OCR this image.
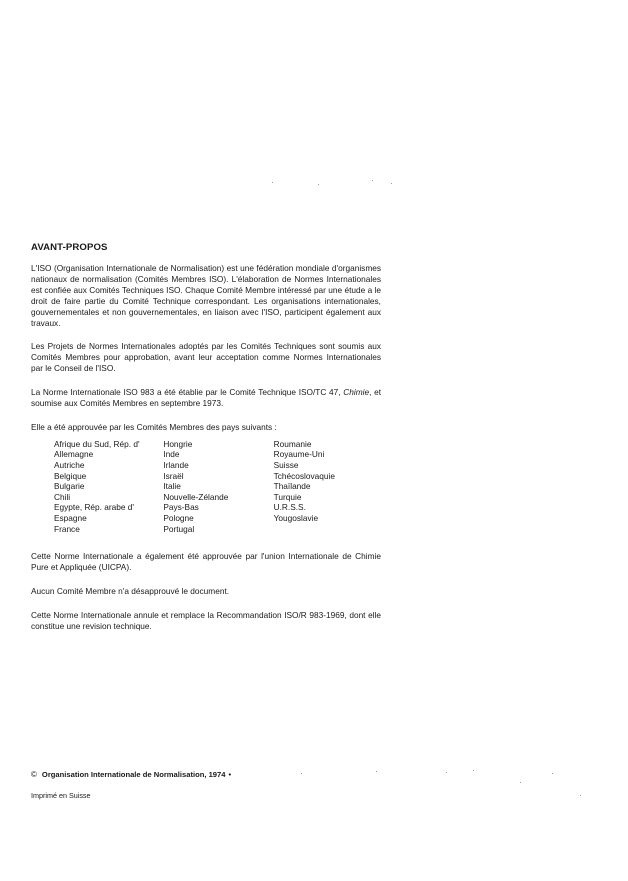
AVANT-PROPOS

L'ISO (Organisation Internationale de Normalisation) est une fédération mondiale d'organismes nationaux de normalisation (Comités Membres ISO). L'élaboration de Normes Internationales est confiée aux Comités Techniques ISO. Chaque Comité Membre intéressé par une étude a le droit de faire partie du Comité Technique correspondant. Les organisations internationales, gouvernementales et non gouvernementales, en liaison avec l'ISO, participent également aux travaux.

Les Projets de Normes Internationales adoptés par les Comités Techniques sont soumis aux Comités Membres pour approbation, avant leur acceptation comme Normes Internationales par le Conseil de l'ISO.

La Norme Internationale ISO 983 a été établie par le Comité Technique ISO/TC 47, Chimie, et soumise aux Comités Membres en septembre 1973.

Elle a été approuvée par les Comités Membres des pays suivants :

Afrique du Sud, Rép. d'
Allemagne
Autriche
Belgique
Bulgarie
Chili
Egypte, Rép. arabe d'
Espagne
France
Hongrie
Inde
Irlande
Israël
Italie
Nouvelle-Zélande
Pays-Bas
Pologne
Portugal
Roumanie
Royaume-Uni
Suisse
Tchécoslovaquie
Thaïlande
Turquie
U.R.S.S.
Yougoslavie

Cette Norme Internationale a également été approuvée par l'union Internationale de Chimie Pure et Appliquée (UICPA).

Aucun Comité Membre n'a désapprouvé le document.

Cette Norme Internationale annule et remplace la Recommandation ISO/R 983-1969, dont elle constitue une revision technique.

© Organisation Internationale de Normalisation, 1974 •
Imprimé en Suisse
